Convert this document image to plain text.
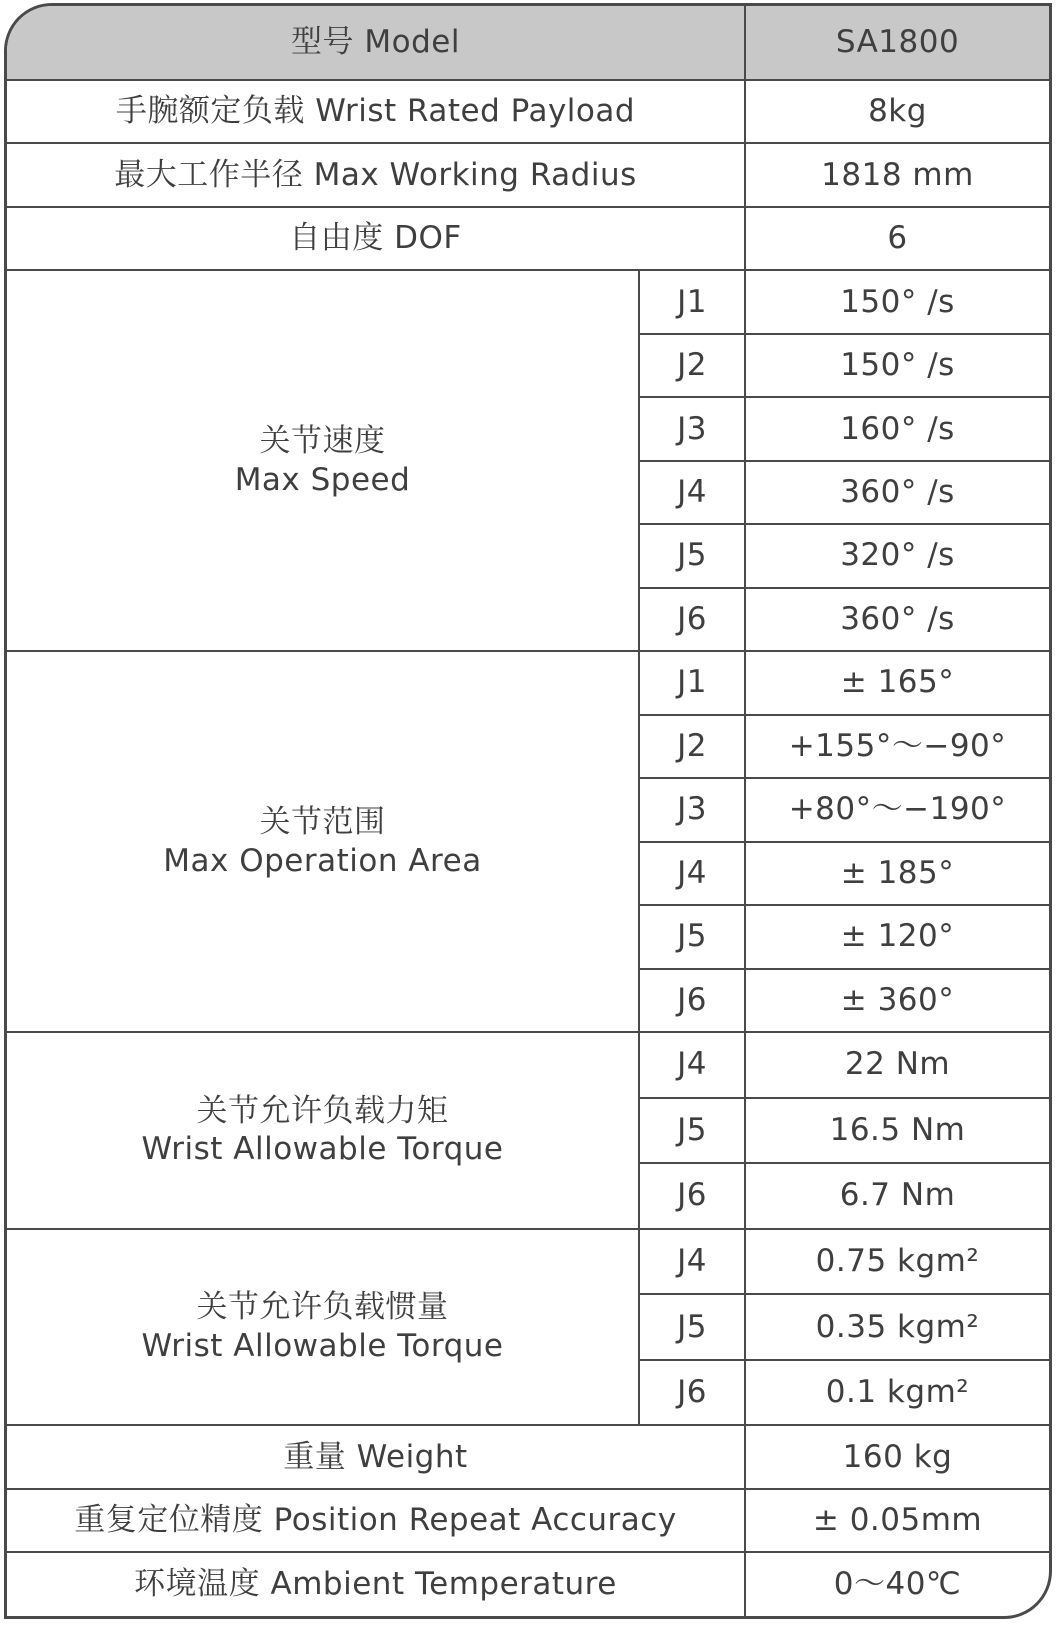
型号 Model		SA1800
手腕额定负载 Wrist Rated Payload		8kg
最大工作半径 Max Working Radius		1818 mm
自由度 DOF		6

关节速度
Max Speed	J1	150° /s
	J2	150° /s
	J3	160° /s
	J4	360° /s
	J5	320° /s
	J6	360° /s

关节范围
Max Operation Area	J1	± 165°
	J2	+155°～−90°
	J3	+80°～−190°
	J4	± 185°
	J5	± 120°
	J6	± 360°

关节允许负载力矩
Wrist Allowable Torque	J4	22 Nm
	J5	16.5 Nm
	J6	6.7 Nm

关节允许负载惯量
Wrist Allowable Torque	J4	0.75 kgm²
	J5	0.35 kgm²
	J6	0.1 kgm²
重量 Weight		160 kg
重复定位精度 Position Repeat Accuracy		± 0.05mm
环境温度 Ambient Temperature		0～40℃
